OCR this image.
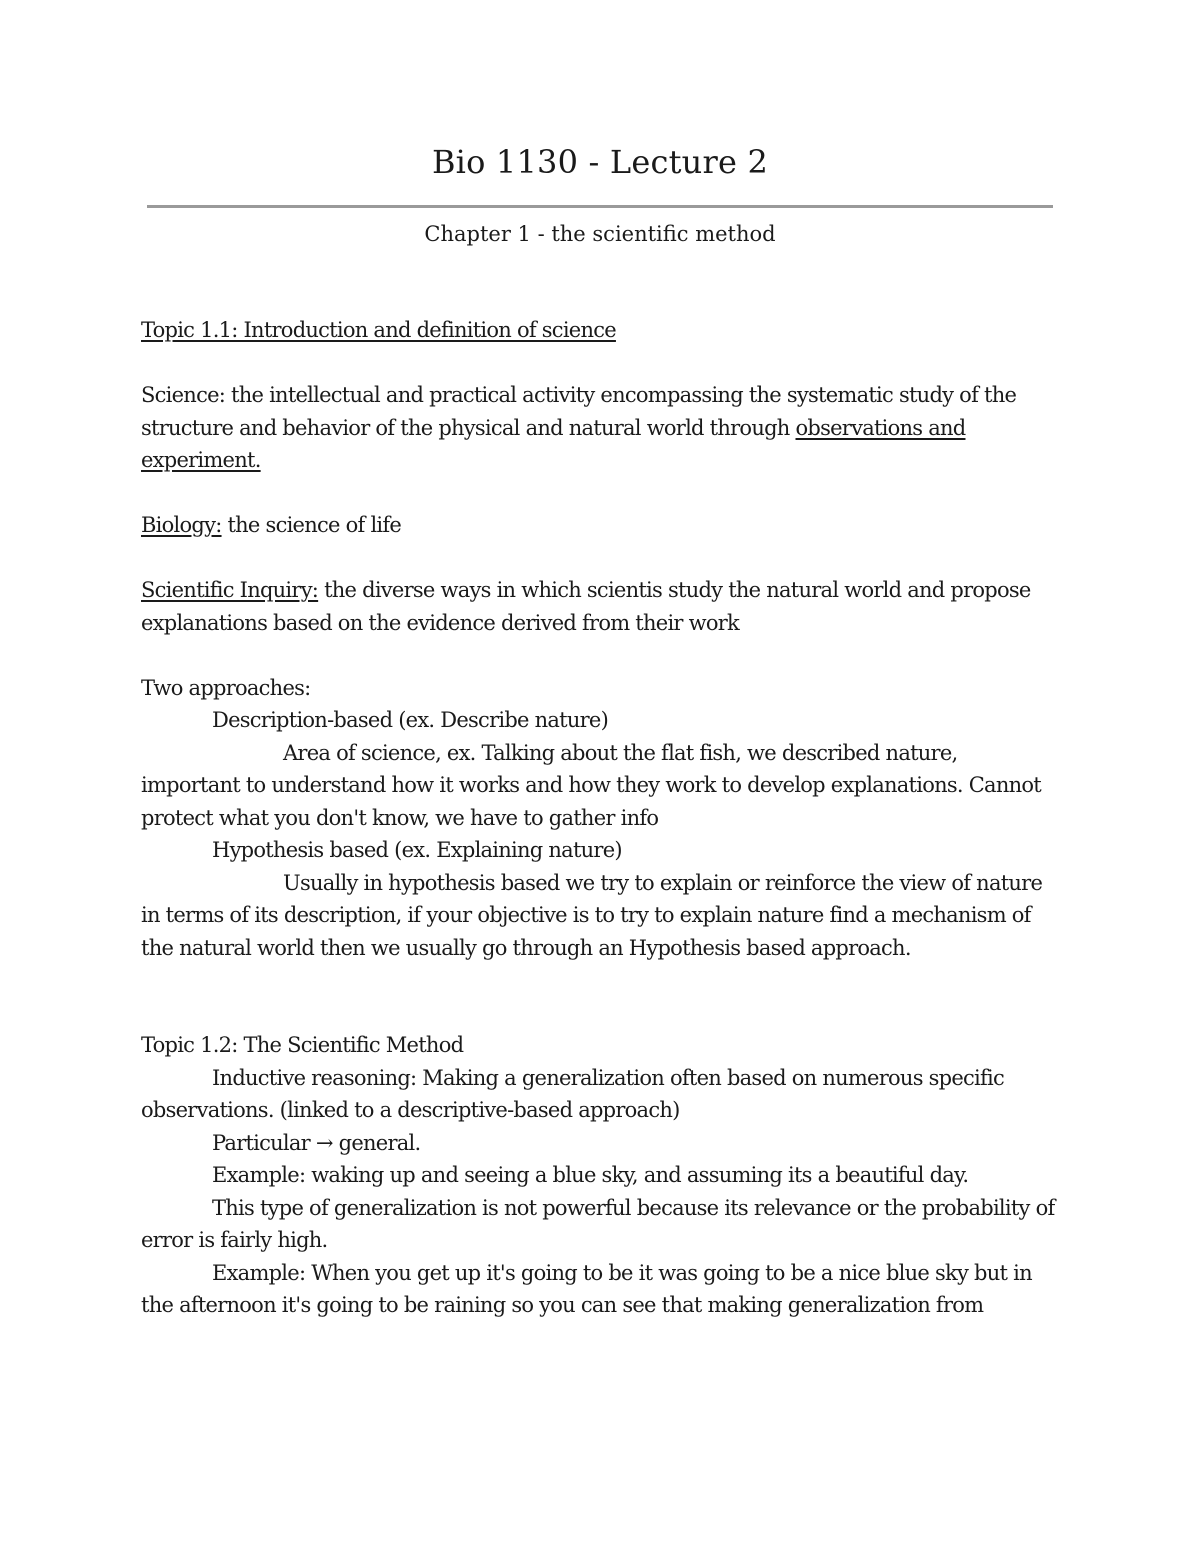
Bio 1130 - Lecture 2

Chapter 1 - the scientific method

Topic 1.1: Introduction and definition of science

Science: the intellectual and practical activity encompassing the systematic study of the structure and behavior of the physical and natural world through observations and experiment.

Biology: the science of life

Scientific Inquiry: the diverse ways in which scientis study the natural world and propose explanations based on the evidence derived from their work

Two approaches:

Description-based (ex. Describe nature)

Area of science, ex. Talking about the flat fish, we described nature, important to understand how it works and how they work to develop explanations. Cannot protect what you don't know, we have to gather info

Hypothesis based (ex. Explaining nature)

Usually in hypothesis based we try to explain or reinforce the view of nature in terms of its description, if your objective is to try to explain nature find a mechanism of the natural world then we usually go through an Hypothesis based approach.

Topic 1.2: The Scientific Method

Inductive reasoning: Making a generalization often based on numerous specific observations. (linked to a descriptive-based approach)

Particular → general.

Example: waking up and seeing a blue sky, and assuming its a beautiful day.

This type of generalization is not powerful because its relevance or the probability of error is fairly high.

Example: When you get up it's going to be it was going to be a nice blue sky but in the afternoon it's going to be raining so you can see that making generalization from
